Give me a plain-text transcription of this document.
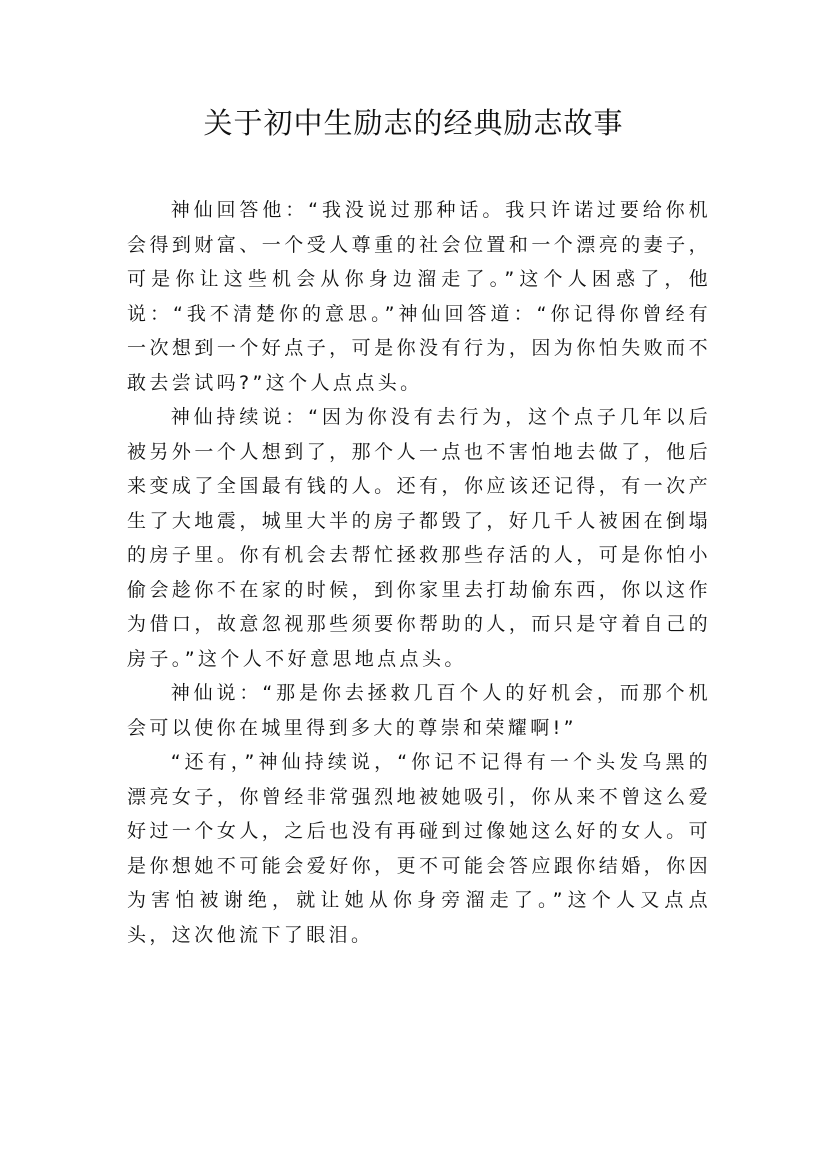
关于初中生励志的经典励志故事

神仙回答他：“我没说过那种话。我只许诺过要给你机会得到财富、一个受人尊重的社会位置和一个漂亮的妻子，可是你让这些机会从你身边溜走了。”这个人困惑了，他说：“我不清楚你的意思。”神仙回答道：“你记得你曾经有一次想到一个好点子，可是你没有行为，因为你怕失败而不敢去尝试吗?”这个人点点头。

神仙持续说：“因为你没有去行为，这个点子几年以后被另外一个人想到了，那个人一点也不害怕地去做了，他后来变成了全国最有钱的人。还有，你应该还记得，有一次产生了大地震，城里大半的房子都毁了，好几千人被困在倒塌的房子里。你有机会去帮忙拯救那些存活的人，可是你怕小偷会趁你不在家的时候，到你家里去打劫偷东西，你以这作为借口，故意忽视那些须要你帮助的人，而只是守着自己的房子。”这个人不好意思地点点头。

神仙说：“那是你去拯救几百个人的好机会，而那个机会可以使你在城里得到多大的尊崇和荣耀啊!”

“还有，”神仙持续说，“你记不记得有一个头发乌黑的漂亮女子，你曾经非常强烈地被她吸引，你从来不曾这么爱好过一个女人，之后也没有再碰到过像她这么好的女人。可是你想她不可能会爱好你，更不可能会答应跟你结婚，你因为害怕被谢绝，就让她从你身旁溜走了。”这个人又点点头，这次他流下了眼泪。
